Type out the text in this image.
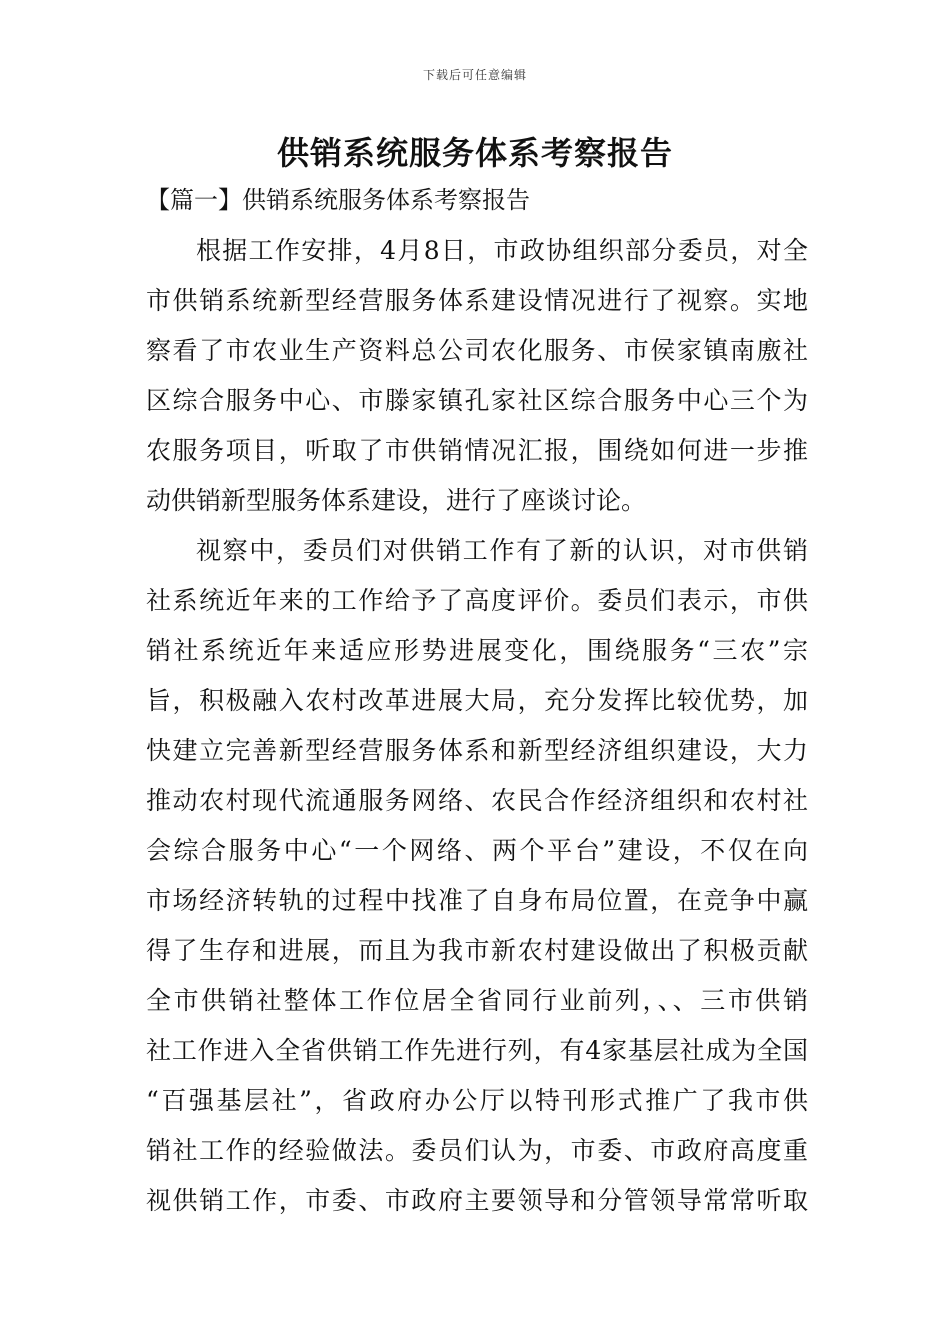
下载后可任意编辑
供销系统服务体系考察报告
【篇一】供销系统服务体系考察报告
根据工作安排，4月8日，市政协组织部分委员，对全
市供销系统新型经营服务体系建设情况进行了视察。实地
察看了市农业生产资料总公司农化服务、市侯家镇南廒社
区综合服务中心、市滕家镇孔家社区综合服务中心三个为
农服务项目，听取了市供销情况汇报，围绕如何进一步推
动供销新型服务体系建设，进行了座谈讨论。
视察中，委员们对供销工作有了新的认识，对市供销
社系统近年来的工作给予了高度评价。委员们表示，市供
销社系统近年来适应形势进展变化，围绕服务“三农”宗
旨，积极融入农村改革进展大局，充分发挥比较优势，加
快建立完善新型经营服务体系和新型经济组织建设，大力
推动农村现代流通服务网络、农民合作经济组织和农村社
会综合服务中心“一个网络、两个平台”建设，不仅在向
市场经济转轨的过程中找准了自身布局位置，在竞争中赢
得了生存和进展，而且为我市新农村建设做出了积极贡献
全市供销社整体工作位居全省同行业前列，、、三市供销
社工作进入全省供销工作先进行列，有4家基层社成为全国
“百强基层社”，省政府办公厅以特刊形式推广了我市供
销社工作的经验做法。委员们认为，市委、市政府高度重
视供销工作，市委、市政府主要领导和分管领导常常听取
